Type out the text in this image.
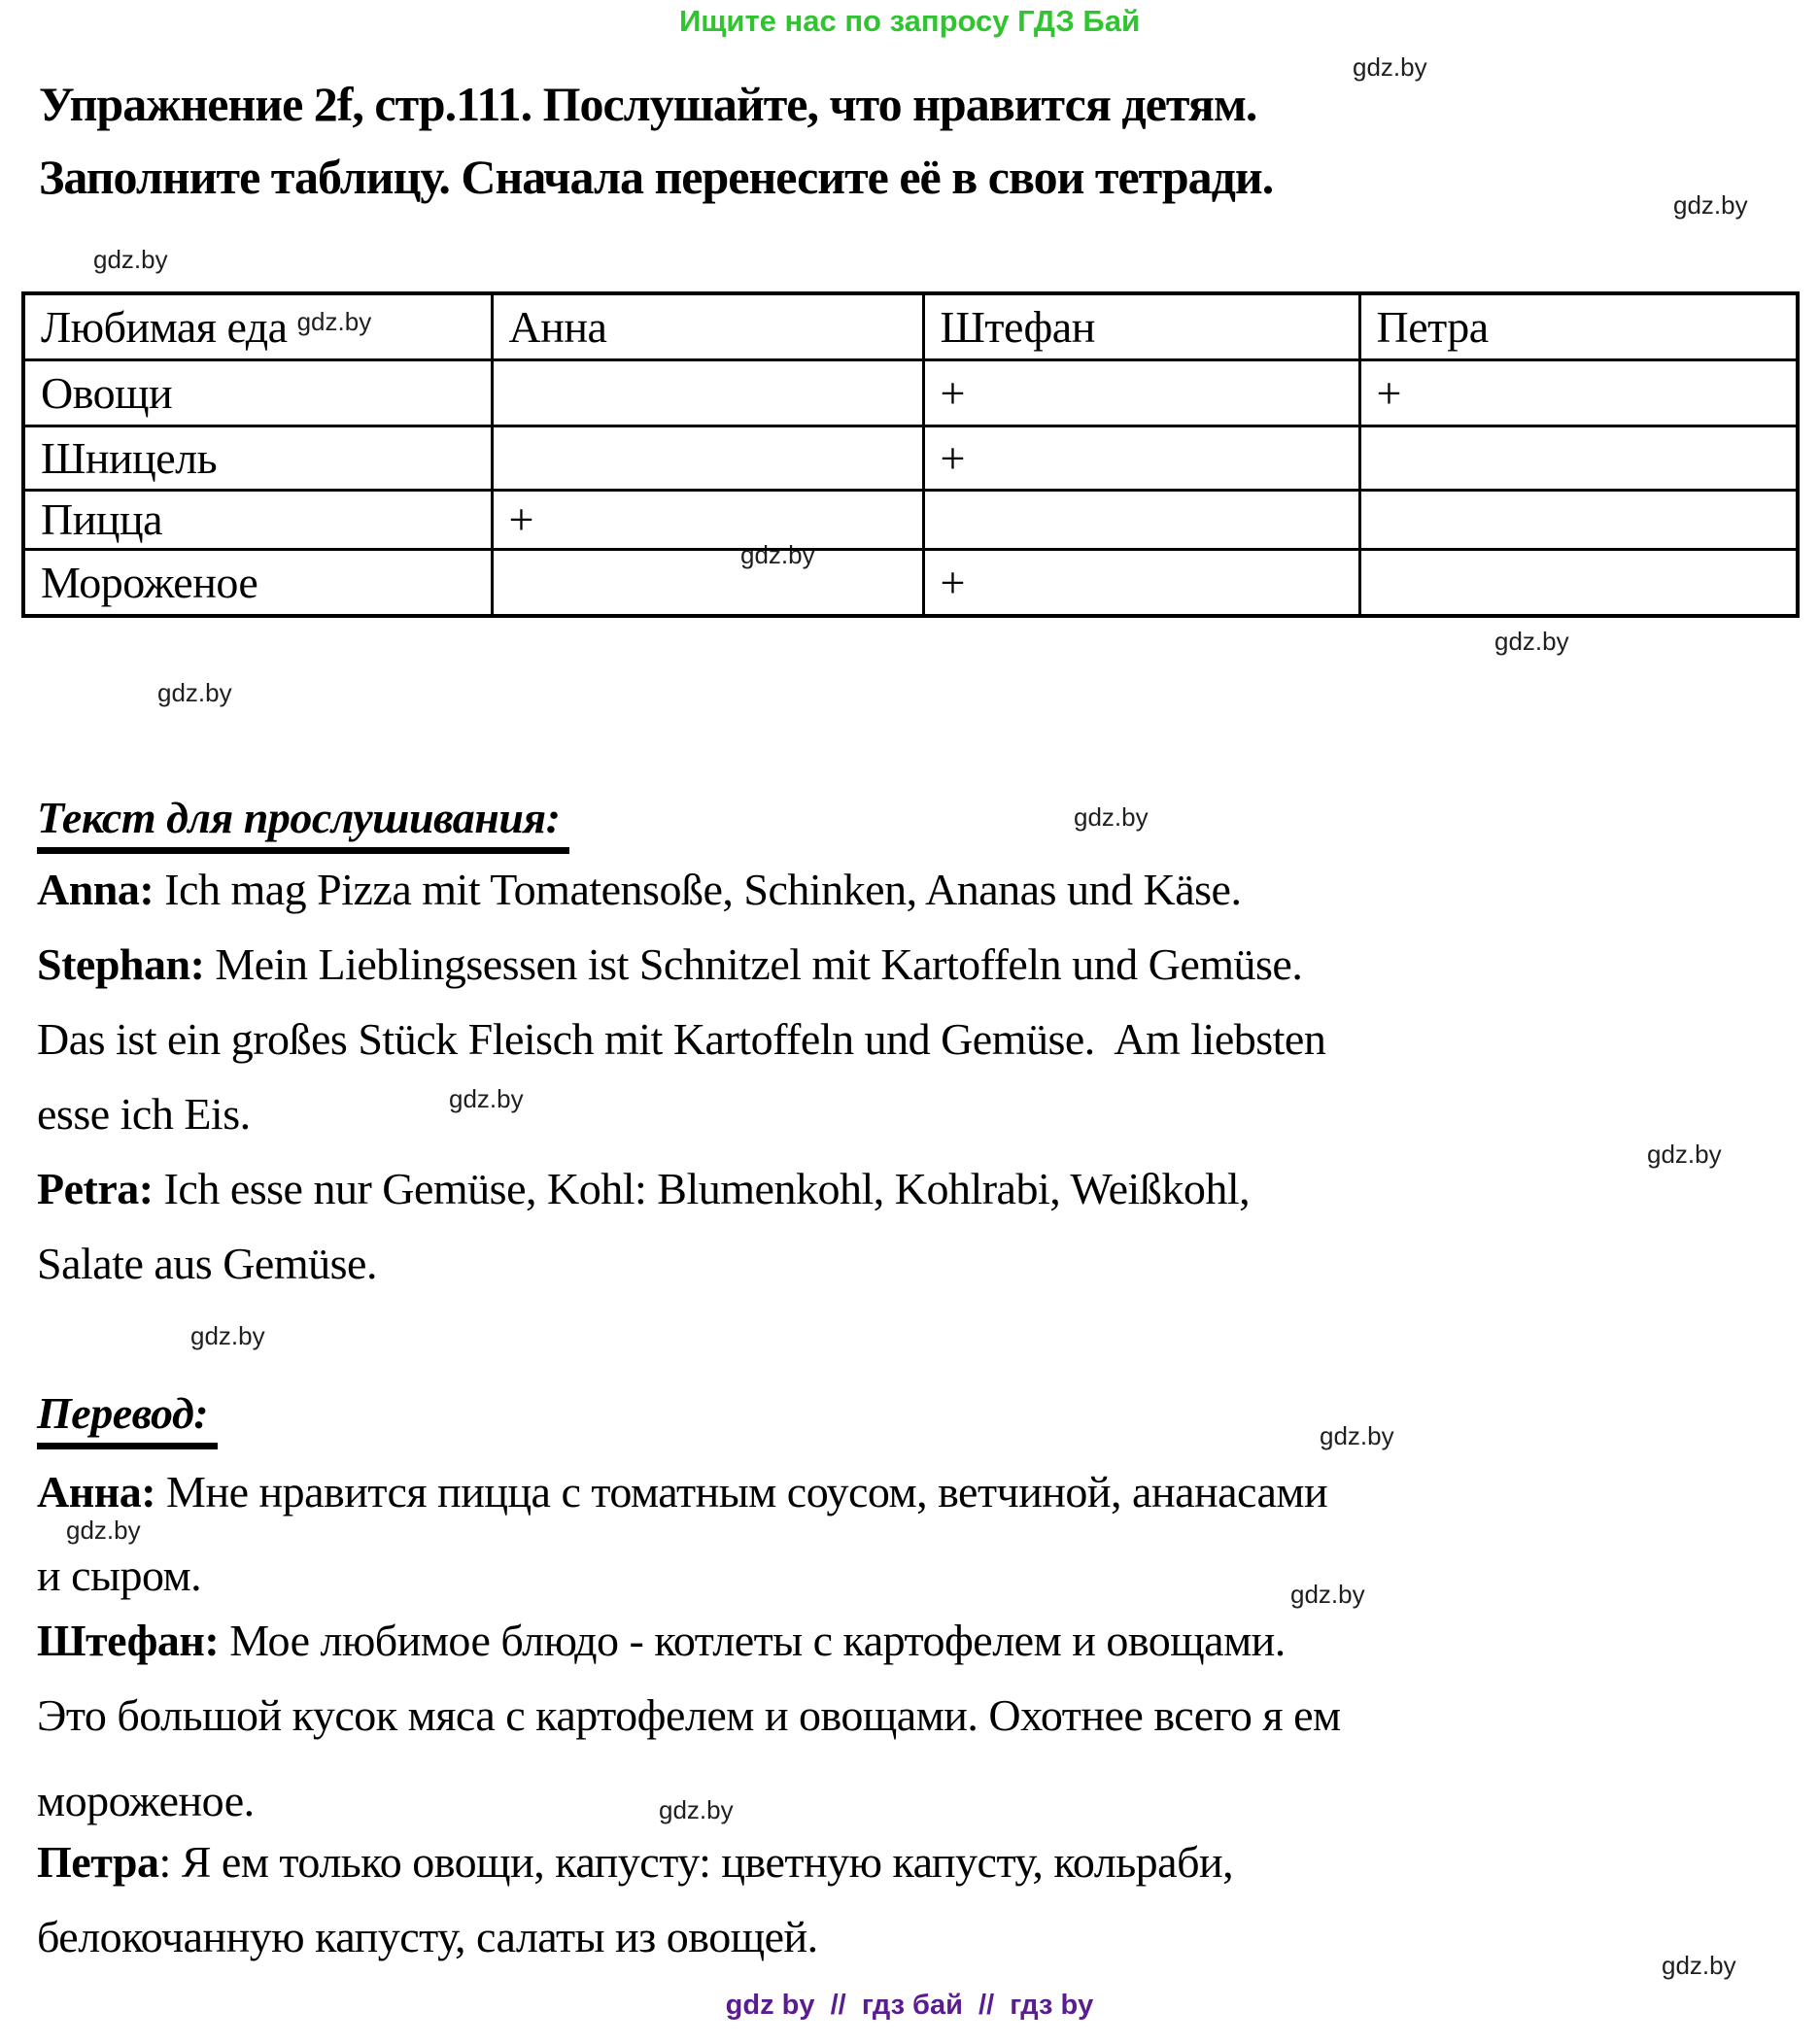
Ищите нас по запросу ГДЗ Бай
gdz.by
gdz.by
gdz.by
gdz.by
gdz.by
gdz.by
gdz.by
gdz.by
gdz.by
gdz.by
gdz.by
gdz.by
gdz.by
gdz.by
gdz.by
Упражнение 2f, стр.111. Послушайте, что нравится детям.
Заполните таблицу. Сначала перенесите её в свои тетради.
Любимая еда $^{gdz.by}$	Анна	Штефан	Петра
Овощи		+	+
Шницель		+	
Пицца	+		
Мороженое		+	
Текст для прослушивания:

Anna: Ich mag Pizza mit Tomatensoße, Schinken, Ananas und Käse.

Stephan: Mein Lieblingsessen ist Schnitzel mit Kartoffeln und Gemüse.

Das ist ein großes Stück Fleisch mit Kartoffeln und Gemüse.  Am liebsten

esse ich Eis.

Petra: Ich esse nur Gemüse, Kohl: Blumenkohl, Kohlrabi, Weißkohl,

Salate aus Gemüse.

Перевод:

Анна: Мне нравится пицца с томатным соусом, ветчиной, ананасами

и сыром.

Штефан: Мое любимое блюдо - котлеты с картофелем и овощами.

Это большой кусок мяса с картофелем и овощами. Охотнее всего я ем

мороженое.

Петра: Я ем только овощи, капусту: цветную капусту, кольраби,

белокочанную капусту, салаты из овощей.

gdz by  //  гдз бай  //  гдз by
